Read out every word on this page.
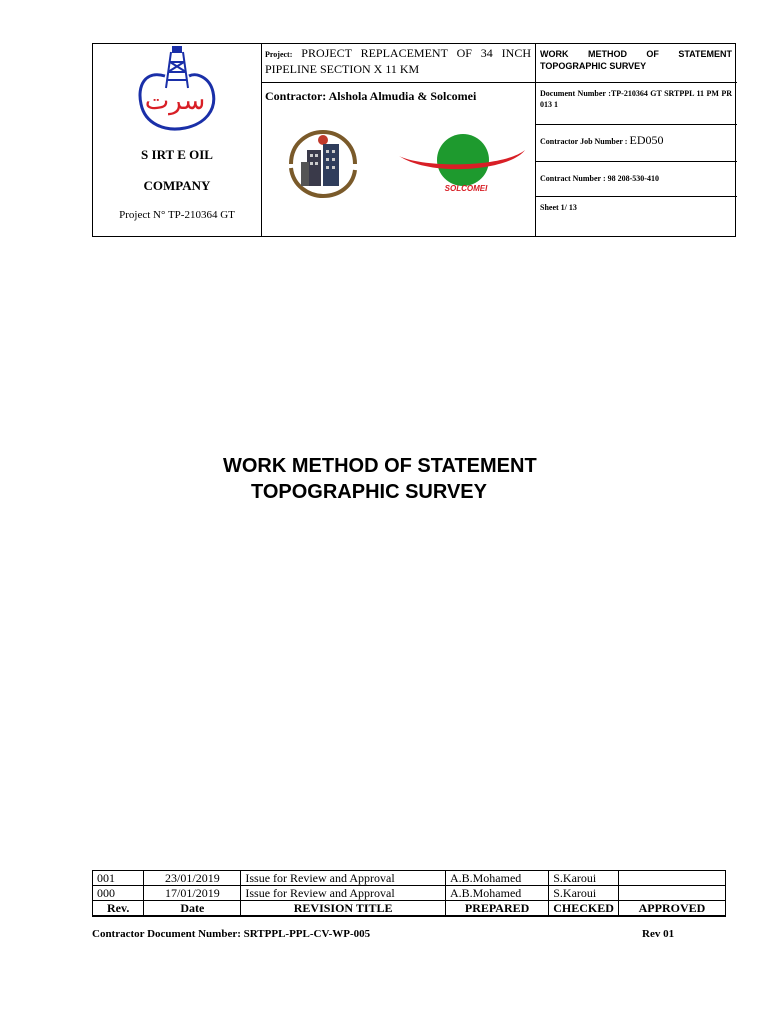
سرت
S IRT E OIL
COMPANY
Project N° TP-210364 GT
Project: PROJECT REPLACEMENT OF 34 INCH PIPELINE SECTION X 11 KM
Contractor: Alshola Almudia & Solcomei
SOLCOMEI
WORK METHOD OF STATEMENT TOPOGRAPHIC SURVEY
Document Number :TP-210364 GT SRTPPL 11 PM PR 013 1
Contractor Job Number : ED050
Contract Number : 98 208-530-410
Sheet 1/ 13
WORK METHOD OF STATEMENT
TOPOGRAPHIC SURVEY
001	23/01/2019	Issue for Review and Approval	A.B.Mohamed	S.Karoui	
000	17/01/2019	Issue for Review and Approval	A.B.Mohamed	S.Karoui	
Rev.	Date	REVISION TITLE	PREPARED	CHECKED	APPROVED
Contractor Document Number: SRTPPL-PPL-CV-WP-005	Rev 01
